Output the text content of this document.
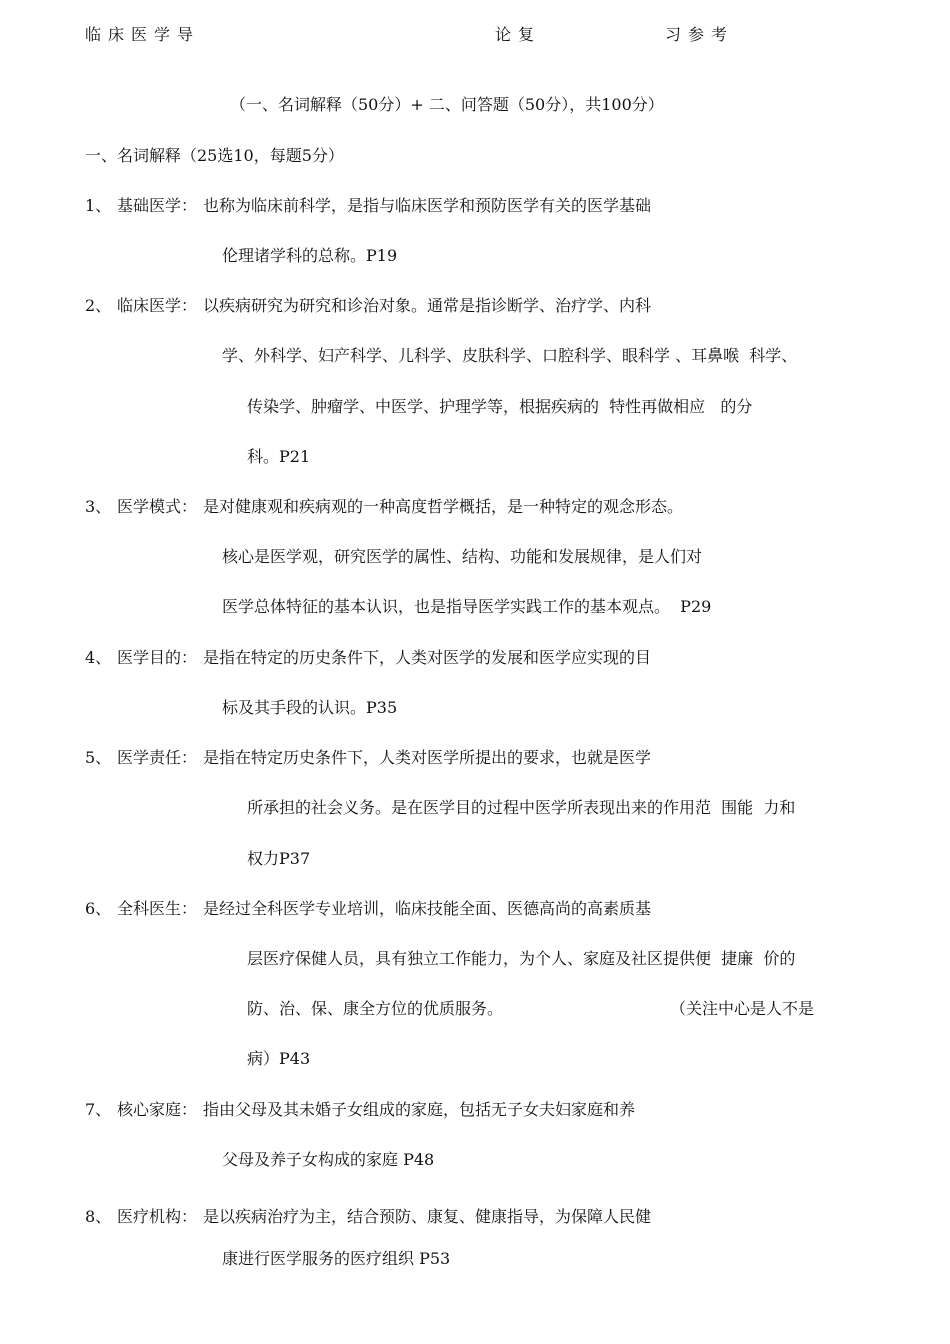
临床医学导	论复	习参考
（一、名词解释（50分）+ 二、问答题（50分），共100分）
一、名词解释（25选10，每题5分）
1、 基础医学： 也称为临床前科学，是指与临床医学和预防医学有关的医学基础
伦理诸学科的总称。P19
2、 临床医学： 以疾病研究为研究和诊治对象。通常是指诊断学、治疗学、内科
学、外科学、妇产科学、儿科学、皮肤科学、口腔科学、眼科学 、耳鼻喉  科学、
传染学、肿瘤学、中医学、护理学等，根据疾病的  特性再做相应   的分
科。P21
3、 医学模式： 是对健康观和疾病观的一种高度哲学概括，是一种特定的观念形态。
核心是医学观，研究医学的属性、结构、功能和发展规律，是人们对
医学总体特征的基本认识，也是指导医学实践工作的基本观点。  P29
4、 医学目的： 是指在特定的历史条件下，人类对医学的发展和医学应实现的目
标及其手段的认识。P35
5、 医学责任： 是指在特定历史条件下，人类对医学所提出的要求，也就是医学
所承担的社会义务。是在医学目的过程中医学所表现出来的作用范  围能  力和
权力P37
6、 全科医生： 是经过全科医学专业培训，临床技能全面、医德高尚的高素质基
层医疗保健人员，具有独立工作能力，为个人、家庭及社区提供便  捷廉  价的
防、治、保、康全方位的优质服务。	（关注中心是人不是
病）P43
7、 核心家庭： 指由父母及其未婚子女组成的家庭，包括无子女夫妇家庭和养
父母及养子女构成的家庭 P48
8、 医疗机构： 是以疾病治疗为主，结合预防、康复、健康指导，为保障人民健
康进行医学服务的医疗组织 P53
